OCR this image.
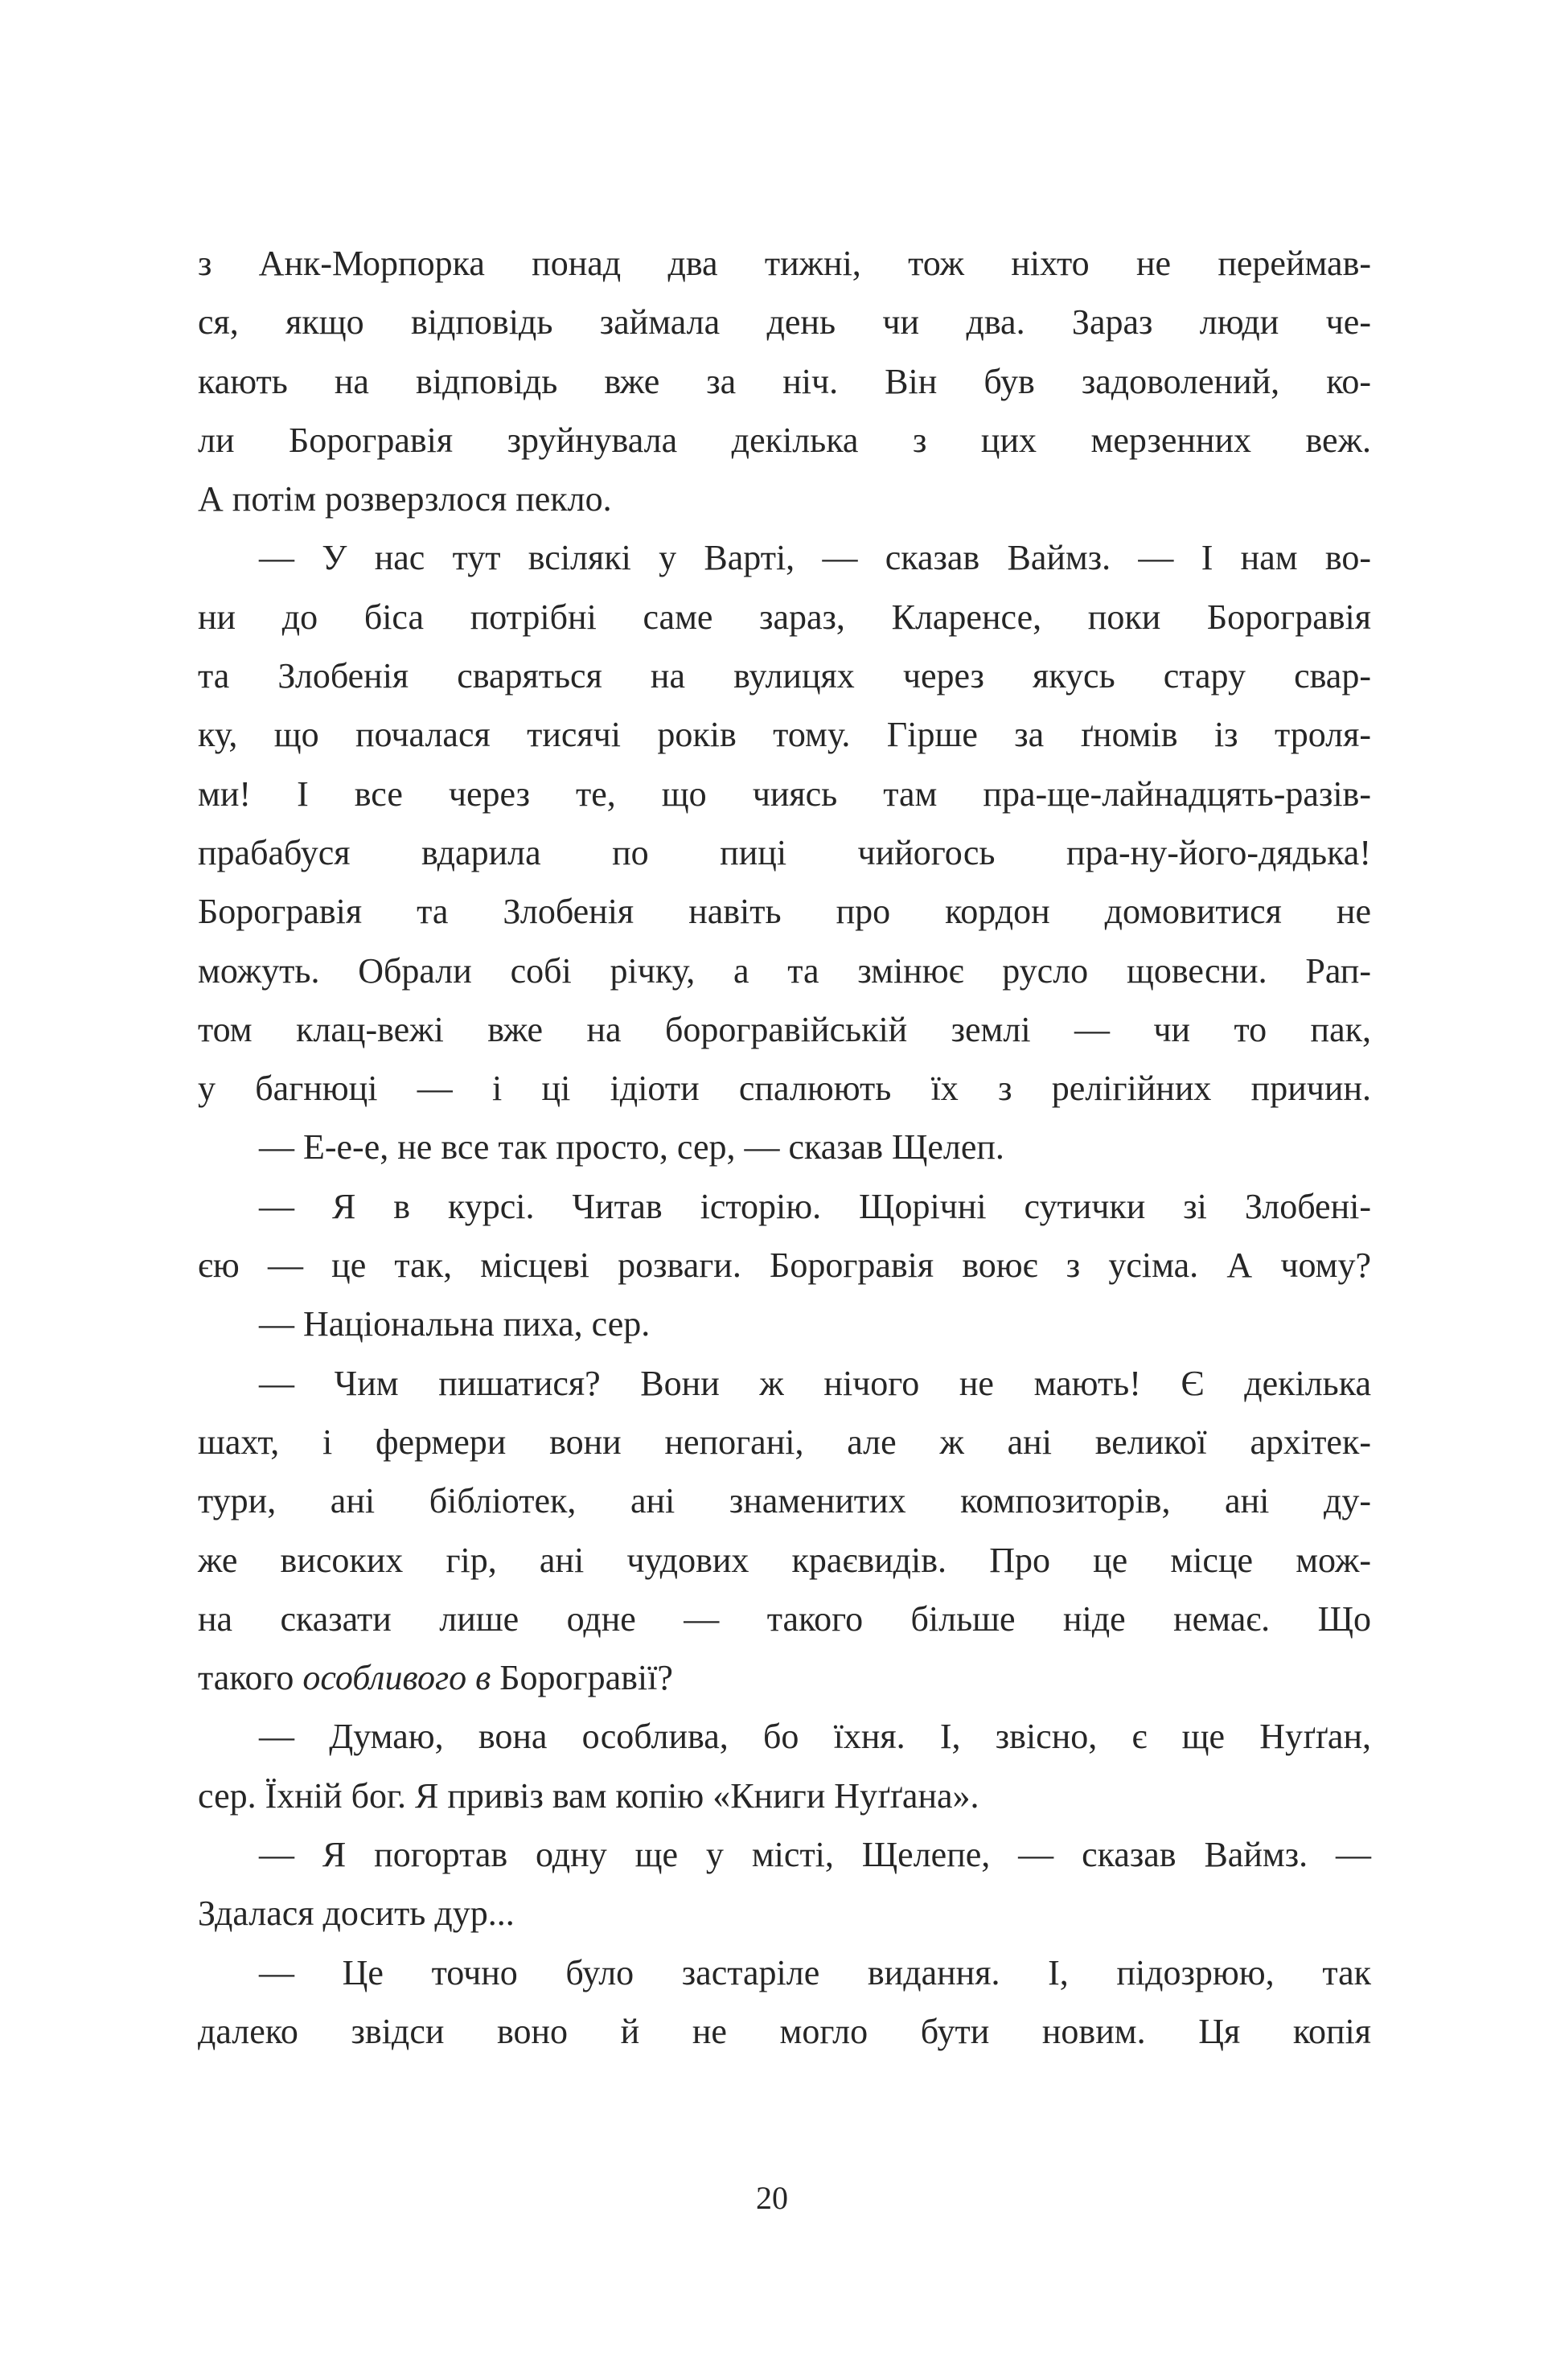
з Анк-Морпорка понад два тижні, тож ніхто не переймав-
ся, якщо відповідь займала день чи два. Зараз люди че-
кають на відповідь вже за ніч. Він був задоволений, ко-
ли Борогравія зруйнувала декілька з цих мерзенних веж.
А потім розверзлося пекло.
— У нас тут всілякі у Варті, — сказав Ваймз. — І нам во-
ни до біса потрібні саме зараз, Кларенсе, поки Борогравія
та Злобенія сваряться на вулицях через якусь стару свар-
ку, що почалася тисячі років тому. Гірше за ґномів із троля-
ми! І все через те, що чиясь там пра-ще-лайнадцять-разів-
прабабуся вдарила по пиці чийогось пра-ну-його-дядька!
Борогравія та Злобенія навіть про кордон домовитися не
можуть. Обрали собі річку, а та змінює русло щовесни. Рап-
том клац-вежі вже на борогравійській землі — чи то пак,
у багнюці — і ці ідіоти спалюють їх з релігійних причин.
— Е-е-е, не все так просто, сер, — сказав Щелеп.
— Я в курсі. Читав історію. Щорічні сутички зі Злобені-
єю — це так, місцеві розваги. Борогравія воює з усіма. А чому?
— Національна пиха, сер.
— Чим пишатися? Вони ж нічого не мають! Є декілька
шахт, і фермери вони непогані, але ж ані великої архітек-
тури, ані бібліотек, ані знаменитих композиторів, ані ду-
же високих гір, ані чудових краєвидів. Про це місце мож-
на сказати лише одне — такого більше ніде немає. Що
такого особливого в Борогравії?
— Думаю, вона особлива, бо їхня. І, звісно, є ще Нуґґан,
сер. Їхній бог. Я привіз вам копію «Книги Нуґґана».
— Я погортав одну ще у місті, Щелепе, — сказав Ваймз. —
Здалася досить дур...
— Це точно було застаріле видання. І, підозрюю, так
далеко звідси воно й не могло бути новим. Ця копія
20
